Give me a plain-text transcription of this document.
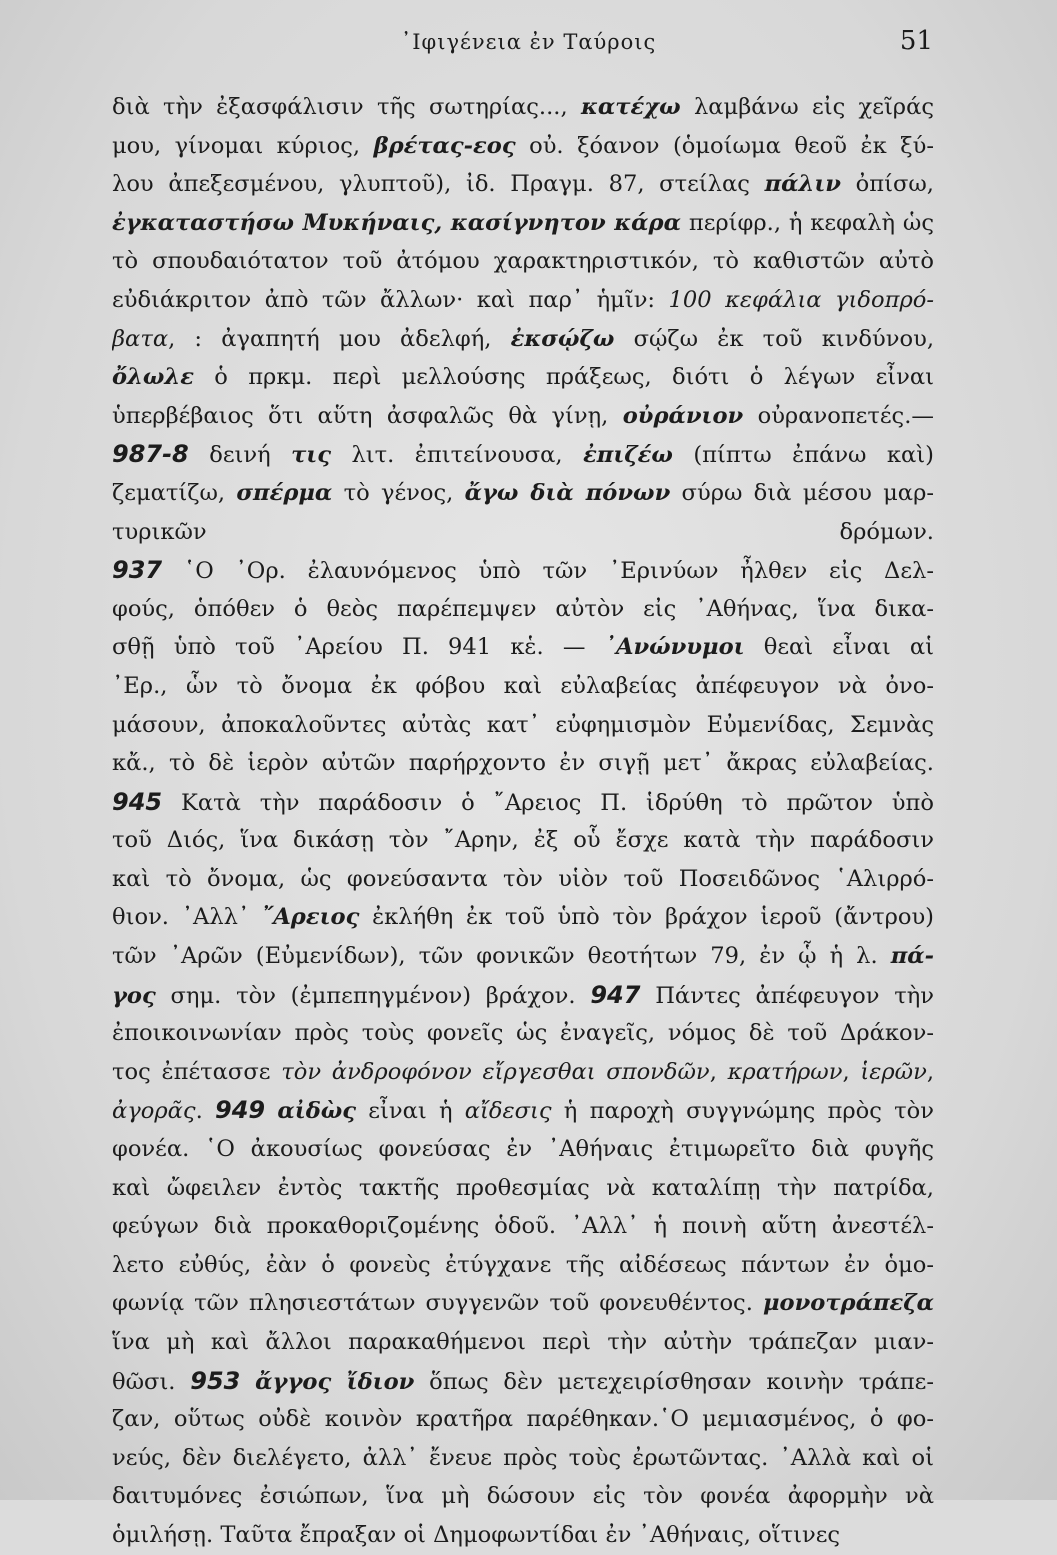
᾿Ιφιγένεια ἐν Ταύροις	51
διὰ τὴν ἐξασφάλισιν τῆς σωτηρίας..., κατέχω λαμβάνω εἰς χεῖράς
μου, γίνομαι κύριος, βρέτας-εος οὐ. ξόανον (ὁμοίωμα θεοῦ ἐκ ξύ-
λου ἀπεξεσμένου, γλυπτοῦ), ἰδ. Πραγμ. 87, στείλας πάλιν ὀπίσω,
ἐγκαταστήσω Μυκήναις, κασίγνητον κάρα περίφρ., ἡ κεφαλὴ ὡς
τὸ σπουδαιότατον τοῦ ἀτόμου χαρακτηριστικόν, τὸ καθιστῶν αὐτὸ
εὐδιάκριτον ἀπὸ τῶν ἄλλων· καὶ παρ᾽ ἡμῖν: 100 κεφάλια γιδοπρό-
βατα, : ἀγαπητή μου ἀδελφή, ἐκσῴζω σῴζω ἐκ τοῦ κινδύνου,
ὄλωλε ὁ πρκμ. περὶ μελλούσης πράξεως, διότι ὁ λέγων εἶναι
ὑπερβέβαιος ὅτι αὕτη ἀσφαλῶς θὰ γίνῃ, οὐράνιον οὐρανοπετές.—
987-8 δεινή τις λιτ. ἐπιτείνουσα, ἐπιζέω (πίπτω ἐπάνω καὶ)
ζεματίζω, σπέρμα τὸ γένος, ἄγω διὰ πόνων σύρω διὰ μέσου μαρ-
τυρικῶν δρόμων.
937 ῾Ο ᾿Ορ. ἐλαυνόμενος ὑπὸ τῶν ᾿Ερινύων ἦλθεν εἰς Δελ-
φούς, ὁπόθεν ὁ θεὸς παρέπεμψεν αὐτὸν εἰς ᾿Αθήνας, ἵνα δικα-
σθῇ ὑπὸ τοῦ ᾿Αρείου Π. 941 κἑ. — ᾿Ανώνυμοι θεαὶ εἶναι αἱ
᾿Ερ., ὧν τὸ ὄνομα ἐκ φόβου καὶ εὐλαβείας ἀπέφευγον νὰ ὀνο-
μάσουν, ἀποκαλοῦντες αὐτὰς κατ᾽ εὐφημισμὸν Εὐμενίδας, Σεμνὰς
κἄ., τὸ δὲ ἱερὸν αὐτῶν παρήρχοντο ἐν σιγῇ μετ᾽ ἄκρας εὐλαβείας.
945 Κατὰ τὴν παράδοσιν ὁ ῎Αρειος Π. ἱδρύθη τὸ πρῶτον ὑπὸ
τοῦ Διός, ἵνα δικάσῃ τὸν ῎Αρην, ἐξ οὗ ἔσχε κατὰ τὴν παράδοσιν
καὶ τὸ ὄνομα, ὡς φονεύσαντα τὸν υἱὸν τοῦ Ποσειδῶνος ῾Αλιρρό-
θιον. ᾿Αλλ᾽ ῎Αρειος ἐκλήθη ἐκ τοῦ ὑπὸ τὸν βράχον ἱεροῦ (ἄντρου)
τῶν ᾿Αρῶν (Εὐμενίδων), τῶν φονικῶν θεοτήτων 79, ἐν ᾧ ἡ λ. πά-
γος σημ. τὸν (ἐμπεπηγμένον) βράχον. 947 Πάντες ἀπέφευγον τὴν
ἐποικοινωνίαν πρὸς τοὺς φονεῖς ὡς ἐναγεῖς, νόμος δὲ τοῦ Δράκον-
τος ἐπέτασσε τὸν ἀνδροφόνον εἴργεσθαι σπονδῶν, κρατήρων, ἱερῶν,
ἀγορᾶς. 949 αἰδὼς εἶναι ἡ αἴδεσις ἡ παροχὴ συγγνώμης πρὸς τὸν
φονέα. ῾Ο ἀκουσίως φονεύσας ἐν ᾿Αθήναις ἐτιμωρεῖτο διὰ φυγῆς
καὶ ὤφειλεν ἐντὸς τακτῆς προθεσμίας νὰ καταλίπῃ τὴν πατρίδα,
φεύγων διὰ προκαθοριζομένης ὁδοῦ. ᾿Αλλ᾽ ἡ ποινὴ αὕτη ἀνεστέλ-
λετο εὐθύς, ἐὰν ὁ φονεὺς ἐτύγχανε τῆς αἰδέσεως πάντων ἐν ὁμο-
φωνίᾳ τῶν πλησιεστάτων συγγενῶν τοῦ φονευθέντος. μονοτράπεζα
ἵνα μὴ καὶ ἄλλοι παρακαθήμενοι περὶ τὴν αὐτὴν τράπεζαν μιαν-
θῶσι. 953 ἄγγος ἴδιον ὅπως δὲν μετεχειρίσθησαν κοινὴν τράπε-
ζαν, οὕτως οὐδὲ κοινὸν κρατῆρα παρέθηκαν.῾Ο μεμιασμένος, ὁ φο-
νεύς, δὲν διελέγετο, ἀλλ᾽ ἔνευε πρὸς τοὺς ἐρωτῶντας. ᾿Αλλὰ καὶ οἱ
δαιτυμόνες ἐσιώπων, ἵνα μὴ δώσουν εἰς τὸν φονέα ἀφορμὴν νὰ
ὁμιλήσῃ. Ταῦτα ἔπραξαν οἱ Δημοφωντίδαι ἐν ᾿Αθήναις, οἵτινες
